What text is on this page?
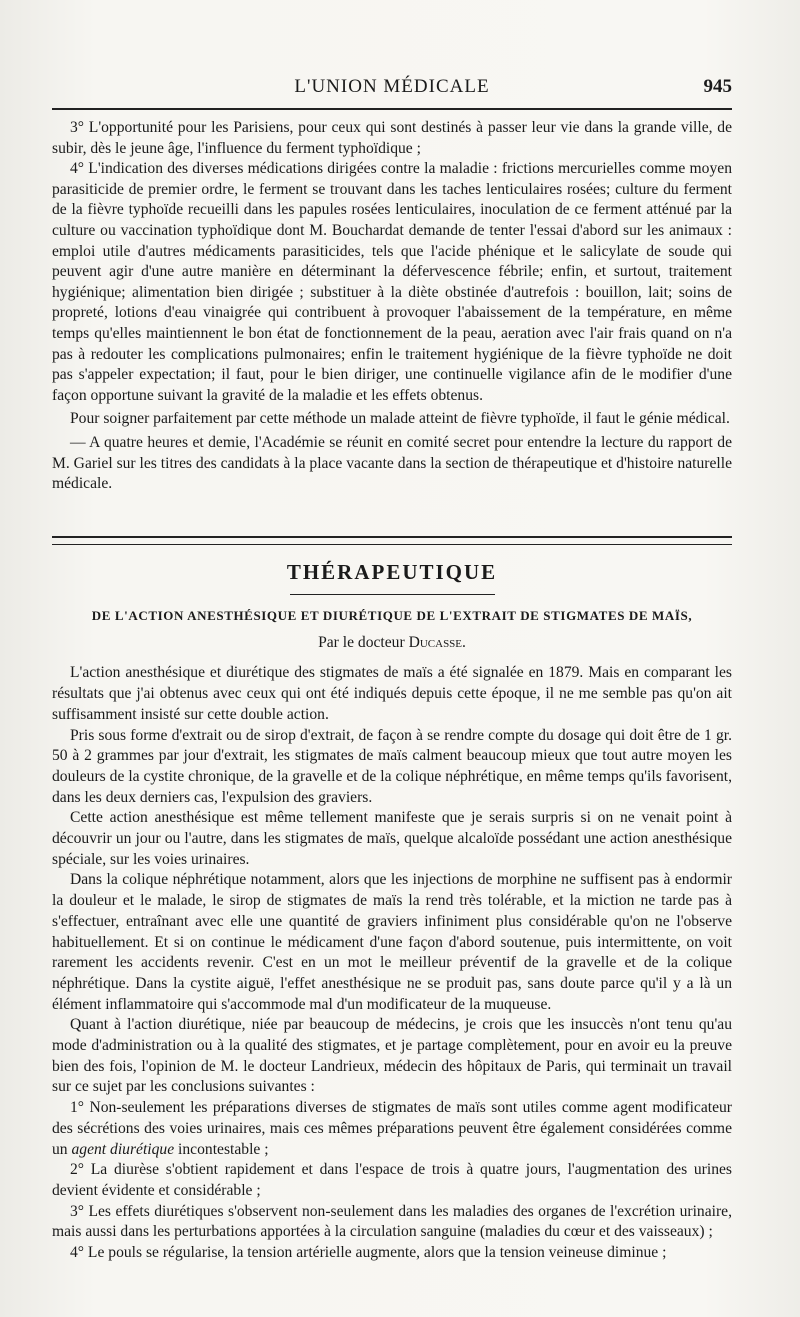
L'UNION MÉDICALE	945

3° L'opportunité pour les Parisiens, pour ceux qui sont destinés à passer leur vie dans la grande ville, de subir, dès le jeune âge, l'influence du ferment typhoïdique ;

4° L'indication des diverses médications dirigées contre la maladie : frictions mercurielles comme moyen parasiticide de premier ordre, le ferment se trouvant dans les taches lenticulaires rosées; culture du ferment de la fièvre typhoïde recueilli dans les papules rosées lenticulaires, inoculation de ce ferment atténué par la culture ou vaccination typhoïdique dont M. Bouchardat demande de tenter l'essai d'abord sur les animaux : emploi utile d'autres médicaments parasiticides, tels que l'acide phénique et le salicylate de soude qui peuvent agir d'une autre manière en déterminant la défervescence fébrile; enfin, et surtout, traitement hygiénique; alimentation bien dirigée ; substituer à la diète obstinée d'autrefois : bouillon, lait; soins de propreté, lotions d'eau vinaigrée qui contribuent à provoquer l'abaissement de la température, en même temps qu'elles maintiennent le bon état de fonctionnement de la peau, aeration avec l'air frais quand on n'a pas à redouter les complications pulmonaires; enfin le traitement hygiénique de la fièvre typhoïde ne doit pas s'appeler expectation; il faut, pour le bien diriger, une continuelle vigilance afin de le modifier d'une façon opportune suivant la gravité de la maladie et les effets obtenus.

Pour soigner parfaitement par cette méthode un malade atteint de fièvre typhoïde, il faut le génie médical.

— A quatre heures et demie, l'Académie se réunit en comité secret pour entendre la lecture du rapport de M. Gariel sur les titres des candidats à la place vacante dans la section de thérapeutique et d'histoire naturelle médicale.

THÉRAPEUTIQUE

DE L'ACTION ANESTHÉSIQUE ET DIURÉTIQUE DE L'EXTRAIT DE STIGMATES DE MAÏS,

Par le docteur Ducasse.

L'action anesthésique et diurétique des stigmates de maïs a été signalée en 1879. Mais en comparant les résultats que j'ai obtenus avec ceux qui ont été indiqués depuis cette époque, il ne me semble pas qu'on ait suffisamment insisté sur cette double action.

Pris sous forme d'extrait ou de sirop d'extrait, de façon à se rendre compte du dosage qui doit être de 1 gr. 50 à 2 grammes par jour d'extrait, les stigmates de maïs calment beaucoup mieux que tout autre moyen les douleurs de la cystite chronique, de la gravelle et de la colique néphrétique, en même temps qu'ils favorisent, dans les deux derniers cas, l'expulsion des graviers.

Cette action anesthésique est même tellement manifeste que je serais surpris si on ne venait point à découvrir un jour ou l'autre, dans les stigmates de maïs, quelque alcaloïde possédant une action anesthésique spéciale, sur les voies urinaires.

Dans la colique néphrétique notamment, alors que les injections de morphine ne suffisent pas à endormir la douleur et le malade, le sirop de stigmates de maïs la rend très tolérable, et la miction ne tarde pas à s'effectuer, entraînant avec elle une quantité de graviers infiniment plus considérable qu'on ne l'observe habituellement. Et si on continue le médicament d'une façon d'abord soutenue, puis intermittente, on voit rarement les accidents revenir. C'est en un mot le meilleur préventif de la gravelle et de la colique néphrétique. Dans la cystite aiguë, l'effet anesthésique ne se produit pas, sans doute parce qu'il y a là un élément inflammatoire qui s'accommode mal d'un modificateur de la muqueuse.

Quant à l'action diurétique, niée par beaucoup de médecins, je crois que les insuccès n'ont tenu qu'au mode d'administration ou à la qualité des stigmates, et je partage complètement, pour en avoir eu la preuve bien des fois, l'opinion de M. le docteur Landrieux, médecin des hôpitaux de Paris, qui terminait un travail sur ce sujet par les conclusions suivantes :

1° Non-seulement les préparations diverses de stigmates de maïs sont utiles comme agent modificateur des sécrétions des voies urinaires, mais ces mêmes préparations peuvent être également considérées comme un agent diurétique incontestable ;

2° La diurèse s'obtient rapidement et dans l'espace de trois à quatre jours, l'augmentation des urines devient évidente et considérable ;

3° Les effets diurétiques s'observent non-seulement dans les maladies des organes de l'excrétion urinaire, mais aussi dans les perturbations apportées à la circulation sanguine (maladies du cœur et des vaisseaux) ;

4° Le pouls se régularise, la tension artérielle augmente, alors que la tension veineuse diminue ;
